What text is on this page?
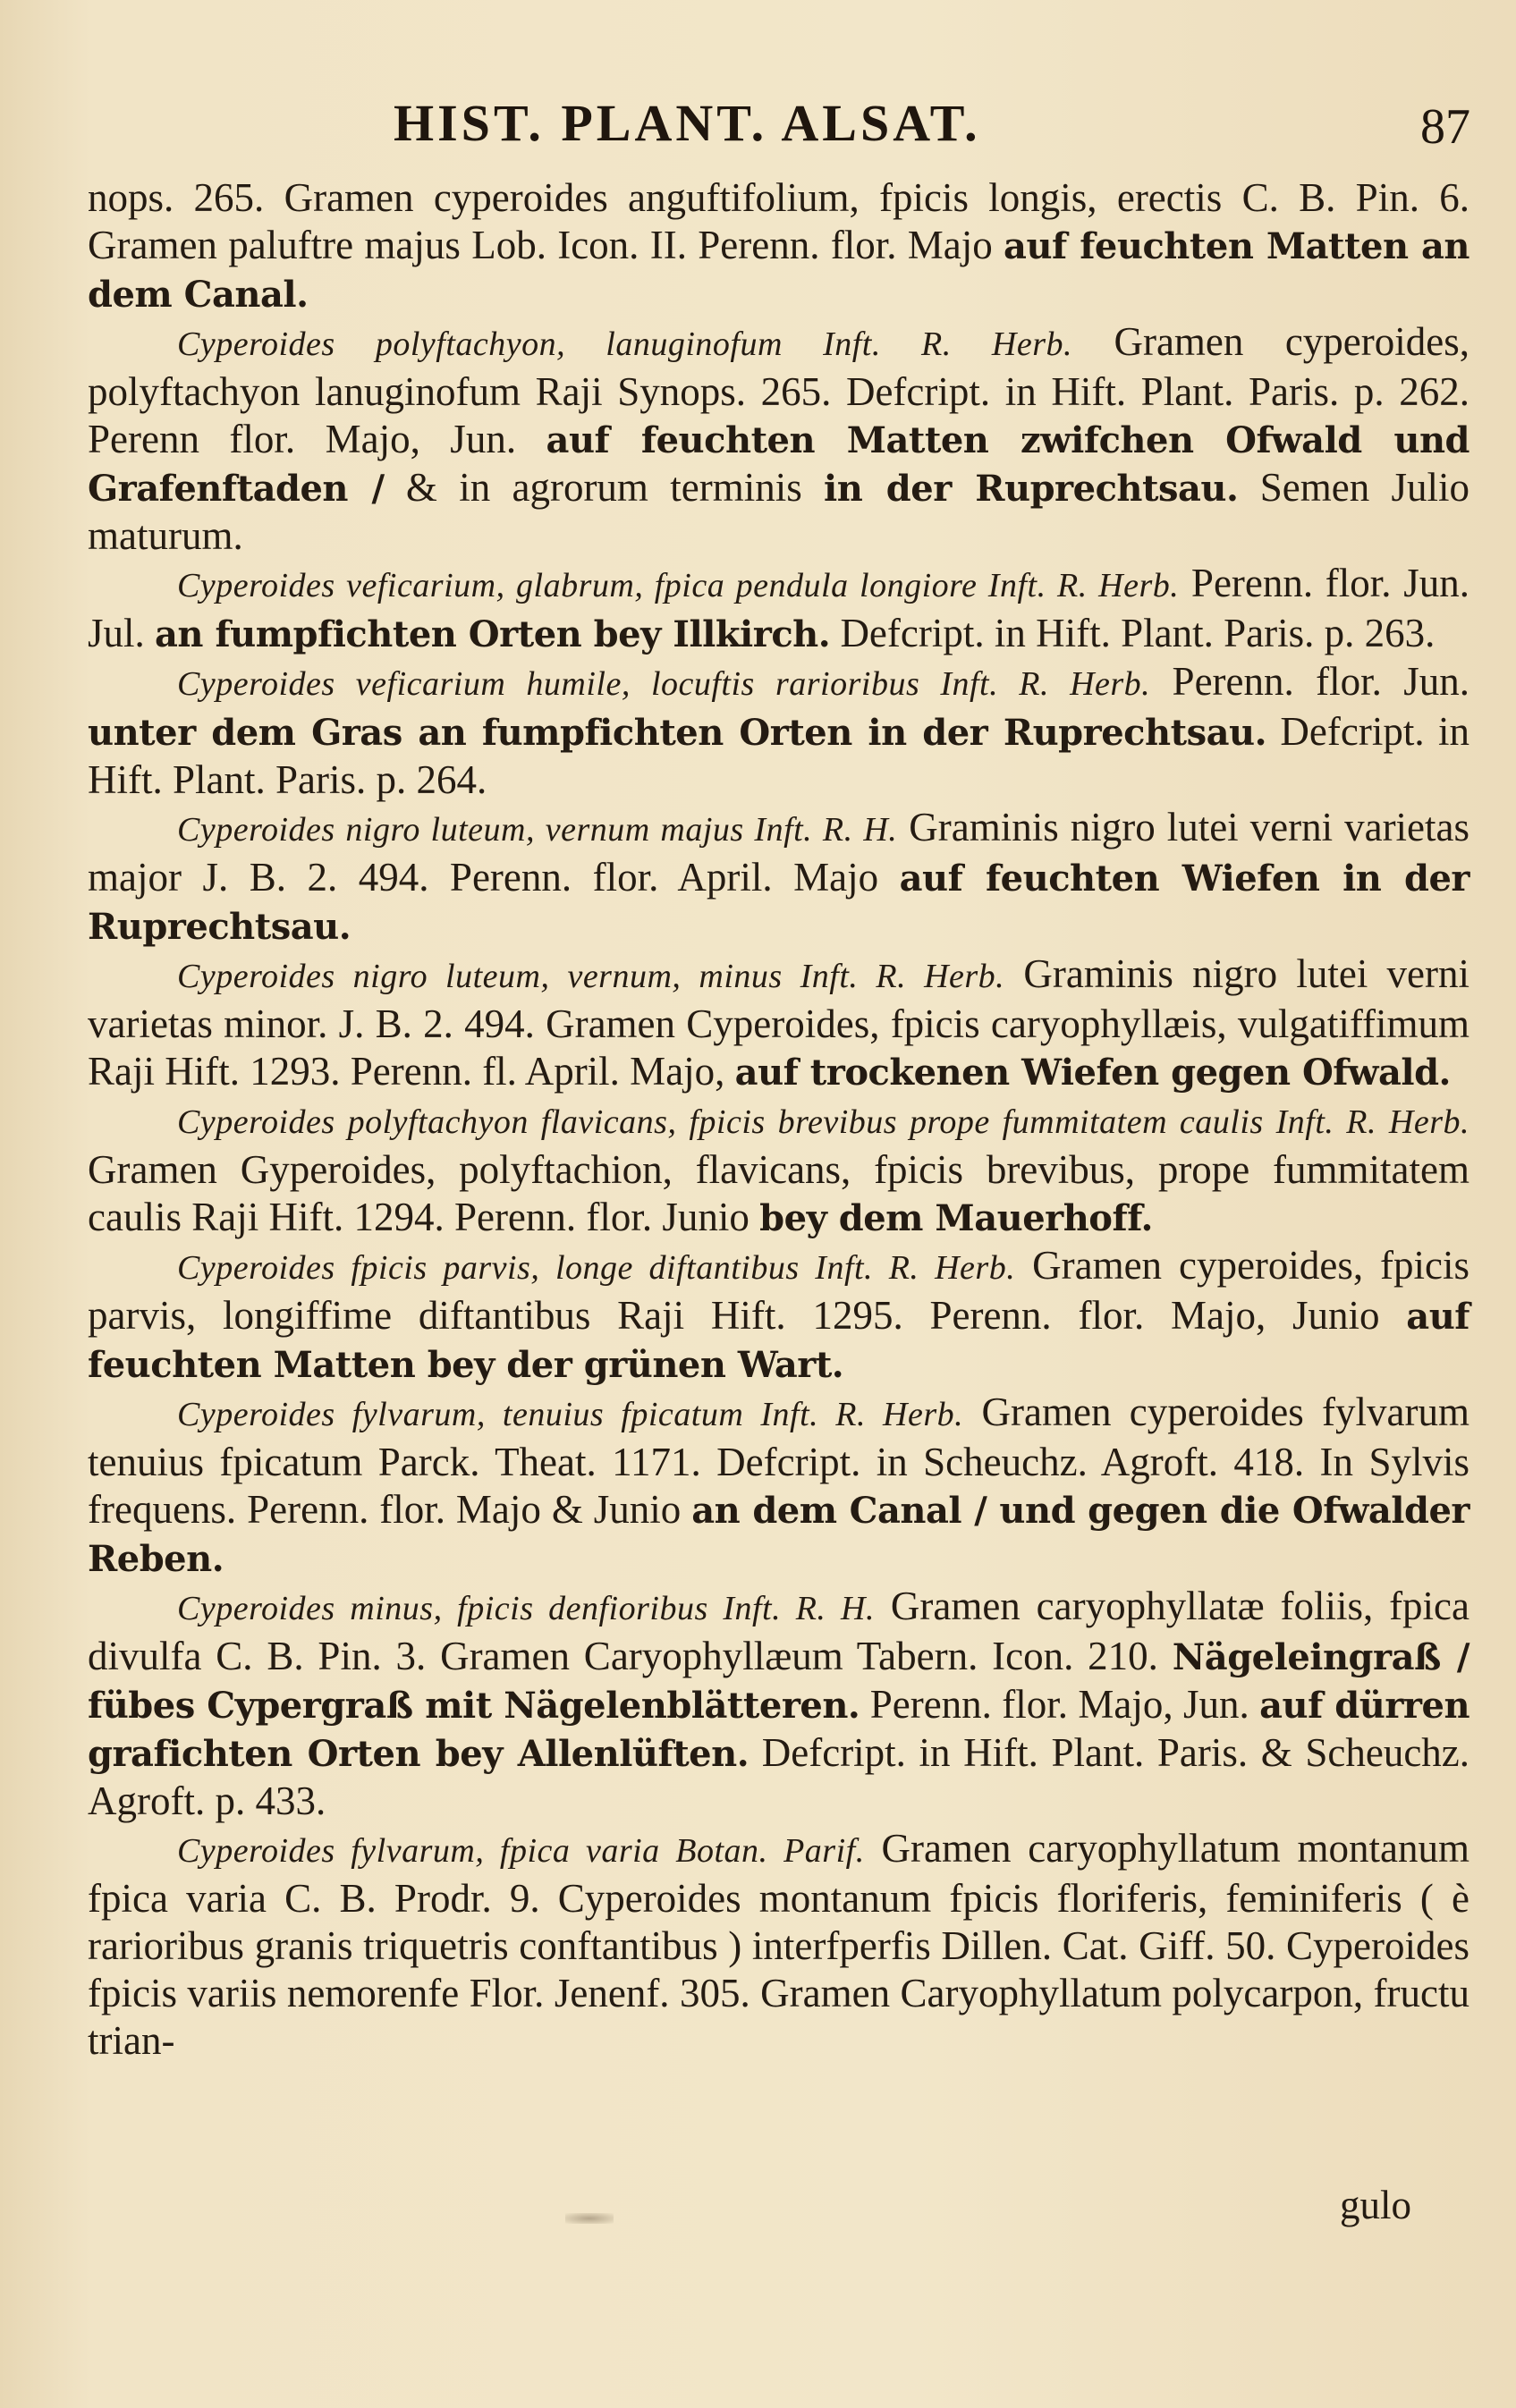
HIST. PLANT. ALSAT.	87

nops. 265. Gramen cyperoides anguftifolium, fpicis longis, erectis C. B. Pin. 6. Gramen paluftre majus Lob. Icon. II. Perenn. flor. Majo auf feuchten Matten an dem Canal.

Cyperoides polyftachyon, lanuginofum Inft. R. Herb. Gramen cyperoides, polyftachyon lanuginofum Raji Synops. 265. Defcript. in Hift. Plant. Paris. p. 262. Perenn flor. Majo, Jun. auf feuchten Matten zwifchen Ofwald und Grafenftaden / & in agrorum terminis in der Ruprechtsau. Semen Julio maturum.

Cyperoides veficarium, glabrum, fpica pendula longiore Inft. R. Herb. Perenn. flor. Jun. Jul. an fumpfichten Orten bey Illkirch. Defcript. in Hift. Plant. Paris. p. 263.

Cyperoides veficarium humile, locuftis rarioribus Inft. R. Herb. Perenn. flor. Jun. unter dem Gras an fumpfichten Orten in der Ruprechtsau. Defcript. in Hift. Plant. Paris. p. 264.

Cyperoides nigro luteum, vernum majus Inft. R. H. Graminis nigro lutei verni varietas major J. B. 2. 494. Perenn. flor. April. Majo auf feuchten Wiefen in der Ruprechtsau.

Cyperoides nigro luteum, vernum, minus Inft. R. Herb. Graminis nigro lutei verni varietas minor. J. B. 2. 494. Gramen Cyperoides, fpicis caryophyllæis, vulgatiffimum Raji Hift. 1293. Perenn. fl. April. Majo, auf trockenen Wiefen gegen Ofwald.

Cyperoides polyftachyon flavicans, fpicis brevibus prope fummitatem caulis Inft. R. Herb. Gramen Gyperoides, polyftachion, flavicans, fpicis brevibus, prope fummitatem caulis Raji Hift. 1294. Perenn. flor. Junio bey dem Mauerhoff.

Cyperoides fpicis parvis, longe diftantibus Inft. R. Herb. Gramen cyperoides, fpicis parvis, longiffime diftantibus Raji Hift. 1295. Perenn. flor. Majo, Junio auf feuchten Matten bey der grünen Wart.

Cyperoides fylvarum, tenuius fpicatum Inft. R. Herb. Gramen cyperoides fylvarum tenuius fpicatum Parck. Theat. 1171. Defcript. in Scheuchz. Agroft. 418. In Sylvis frequens. Perenn. flor. Majo & Junio an dem Canal / und gegen die Ofwalder Reben.

Cyperoides minus, fpicis denfioribus Inft. R. H. Gramen caryophyllatæ foliis, fpica divulfa C. B. Pin. 3. Gramen Caryophyllæum Tabern. Icon. 210. Nägeleingraß / fübes Cypergraß mit Nägelenblätteren. Perenn. flor. Majo, Jun. auf dürren grafichten Orten bey Allenlüften. Defcript. in Hift. Plant. Paris. & Scheuchz. Agroft. p. 433.

Cyperoides fylvarum, fpica varia Botan. Parif. Gramen caryophyllatum montanum fpica varia C. B. Prodr. 9. Cyperoides montanum fpicis floriferis, feminiferis ( è rarioribus granis triquetris conftantibus ) interfperfis Dillen. Cat. Giff. 50. Cyperoides fpicis variis nemorenfe Flor. Jenenf. 305. Gramen Caryophyllatum polycarpon, fructu trian-

gulo
